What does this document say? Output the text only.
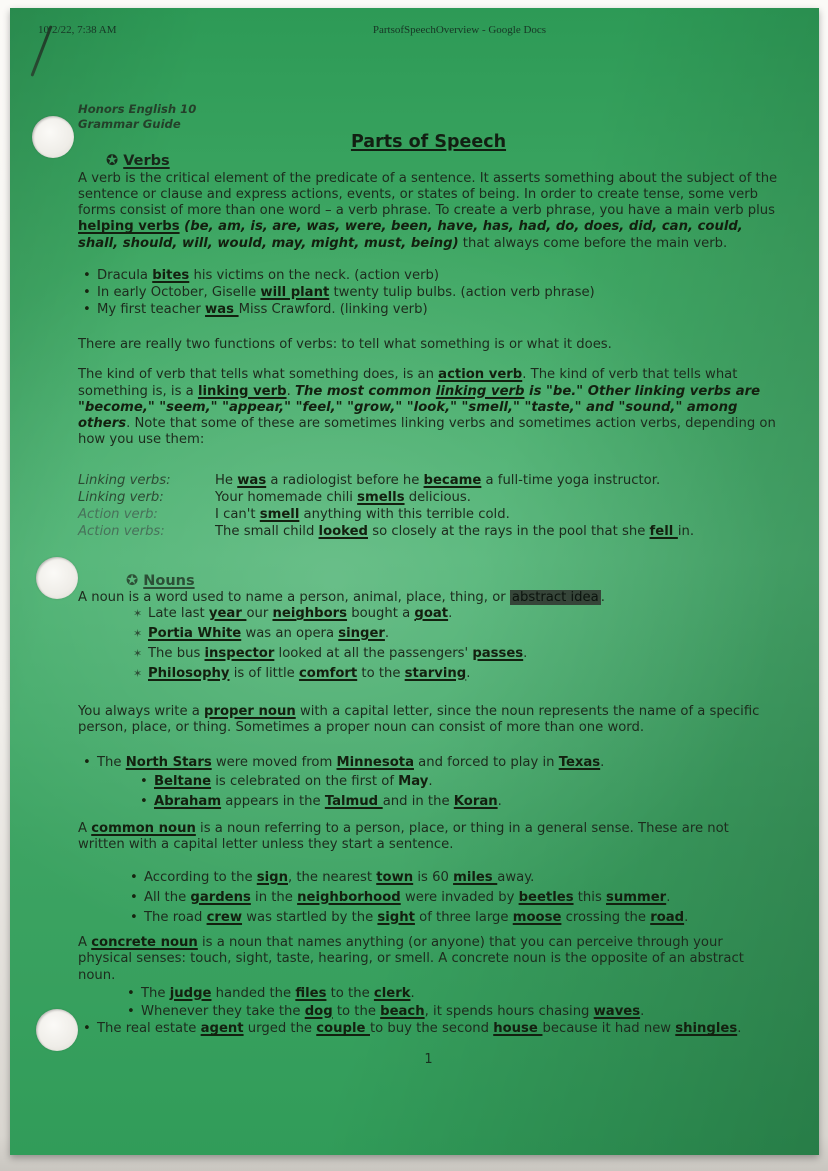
10/2/22, 7:38 AM	PartsofSpeechOverview - Google Docs
Honors English 10
Grammar Guide
Parts of Speech
✪ Verbs

A verb is the critical element of the predicate of a sentence. It asserts something about the subject of the sentence or clause and express actions, events, or states of being. In order to create tense, some verb forms consist of more than one word – a verb phrase. To create a verb phrase, you have a main verb plus helping verbs (be, am, is, are, was, were, been, have, has, had, do, does, did, can, could, shall, should, will, would, may, might, must, being) that always come before the main verb.

• Dracula bites his victims on the neck. (action verb)
• In early October, Giselle will plant twenty tulip bulbs. (action verb phrase)
• My first teacher was Miss Crawford. (linking verb)

There are really two functions of verbs: to tell what something is or what it does.

The kind of verb that tells what something does, is an action verb. The kind of verb that tells what something is, is a linking verb. The most common linking verb is "be." Other linking verbs are "become," "seem," "appear," "feel," "grow," "look," "smell," "taste," and "sound," among others. Note that some of these are sometimes linking verbs and sometimes action verbs, depending on how you use them:

Linking verbs:	He was a radiologist before he became a full-time yoga instructor.
Linking verb:	Your homemade chili smells delicious.
Action verb:	I can't smell anything with this terrible cold.
Action verbs:	The small child looked so closely at the rays in the pool that she fell in.
✪ Nouns

A noun is a word used to name a person, animal, place, thing, or abstract idea .

✶ Late last year our neighbors bought a goat.
✶ Portia White was an opera singer.
✶ The bus inspector looked at all the passengers' passes.
✶ Philosophy is of little comfort to the starving.

You always write a proper noun with a capital letter, since the noun represents the name of a specific person, place, or thing. Sometimes a proper noun can consist of more than one word.

• The North Stars were moved from Minnesota and forced to play in Texas.
• Beltane is celebrated on the first of May.
• Abraham appears in the Talmud and in the Koran.

A common noun is a noun referring to a person, place, or thing in a general sense. These are not written with a capital letter unless they start a sentence.

• According to the sign, the nearest town is 60 miles away.
• All the gardens in the neighborhood were invaded by beetles this summer.
• The road crew was startled by the sight of three large moose crossing the road.

A concrete noun is a noun that names anything (or anyone) that you can perceive through your physical senses: touch, sight, taste, hearing, or smell. A concrete noun is the opposite of an abstract noun.

• The judge handed the files to the clerk.
• Whenever they take the dog to the beach, it spends hours chasing waves.
• The real estate agent urged the couple to buy the second house because it had new shingles.
1
